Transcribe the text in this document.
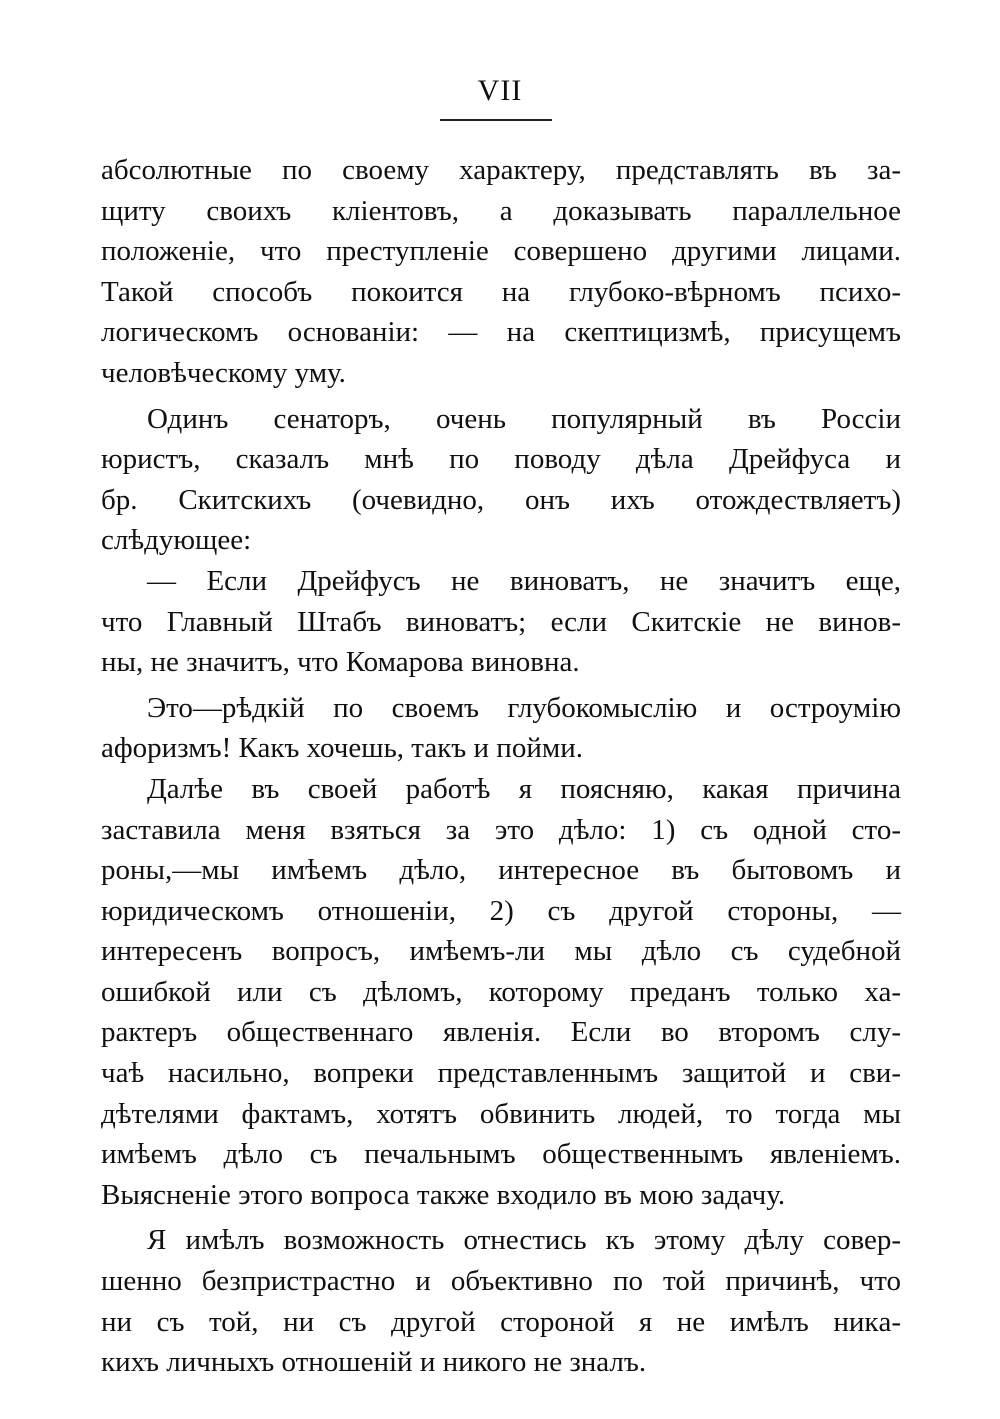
VII
абсолютные по своему характеру, представлять въ за-
щиту своихъ кліентовъ, а доказывать параллельное
положеніе, что преступленіе совершено другими лицами.
Такой способъ покоится на глубоко-вѣрномъ психо-
логическомъ основаніи: — на скептицизмѣ, присущемъ
человѣческому уму.
Одинъ сенаторъ, очень популярный въ Россіи
юристъ, сказалъ мнѣ по поводу дѣла Дрейфуса и
бр. Скитскихъ (очевидно, онъ ихъ отождествляетъ)
слѣдующее:
— Если Дрейфусъ не виноватъ, не значитъ еще,
что Главный Штабъ виноватъ; если Скитскіе не винов-
ны, не значитъ, что Комарова виновна.
Это—рѣдкій по своемъ глубокомыслію и остроумію
афоризмъ! Какъ хочешь, такъ и пойми.
Далѣе въ своей работѣ я поясняю, какая причина
заставила меня взяться за это дѣло: 1) съ одной сто-
роны,—мы имѣемъ дѣло, интересное въ бытовомъ и
юридическомъ отношеніи, 2) съ другой стороны, —
интересенъ вопросъ, имѣемъ-ли мы дѣло съ судебной
ошибкой или съ дѣломъ, которому преданъ только ха-
рактеръ общественнаго явленія. Если во второмъ слу-
чаѣ насильно, вопреки представленнымъ защитой и сви-
дѣтелями фактамъ, хотятъ обвинить людей, то тогда мы
имѣемъ дѣло съ печальнымъ общественнымъ явленіемъ.
Выясненіе этого вопроса также входило въ мою задачу.
Я имѣлъ возможность отнестись къ этому дѣлу совер-
шенно безпристрастно и объективно по той причинѣ, что
ни съ той, ни съ другой стороной я не имѣлъ никa-
кихъ личныхъ отношеній и никого не зналъ.
